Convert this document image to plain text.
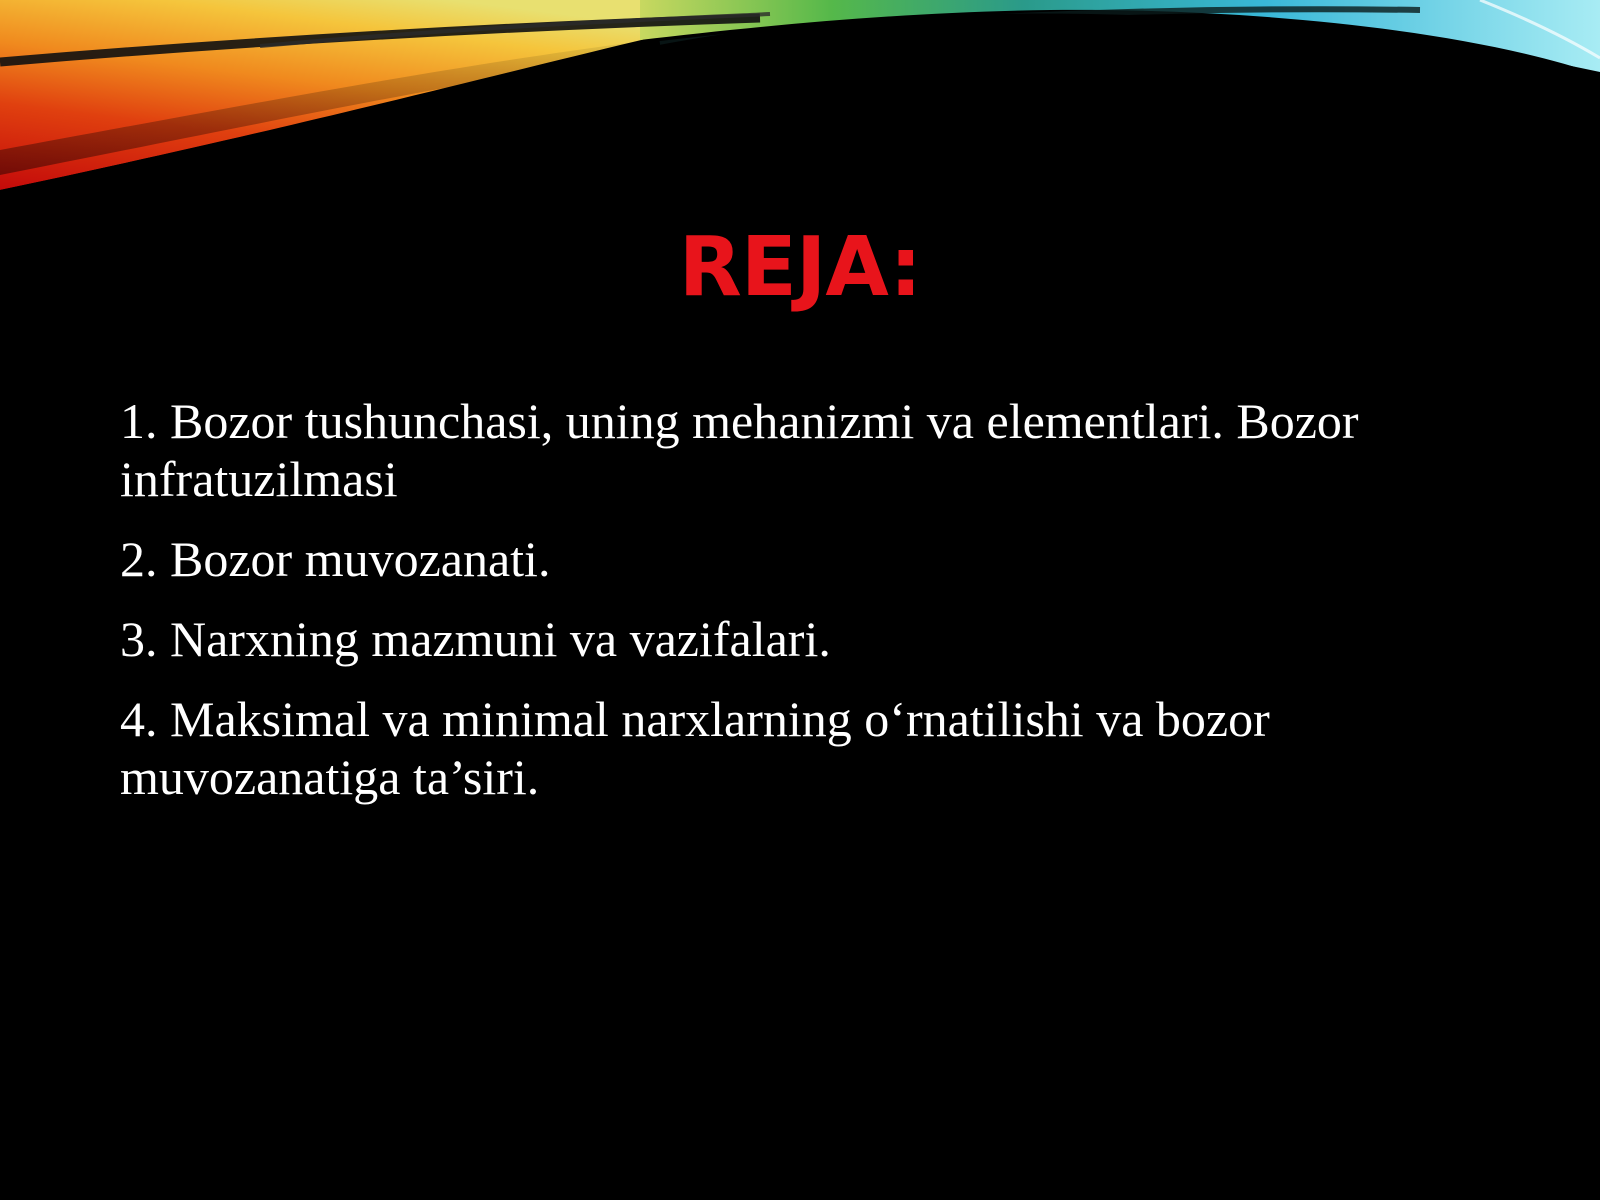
REJA:
1. Bozor tushunchasi, uning mehanizmi va elementlari. Bozor infratuzilmasi
2. Bozor muvozanati.
3. Narxning mazmuni va vazifalari.
4. Maksimal va minimal narxlarning o‘rnatilishi va bozor muvozanatiga ta’siri.
